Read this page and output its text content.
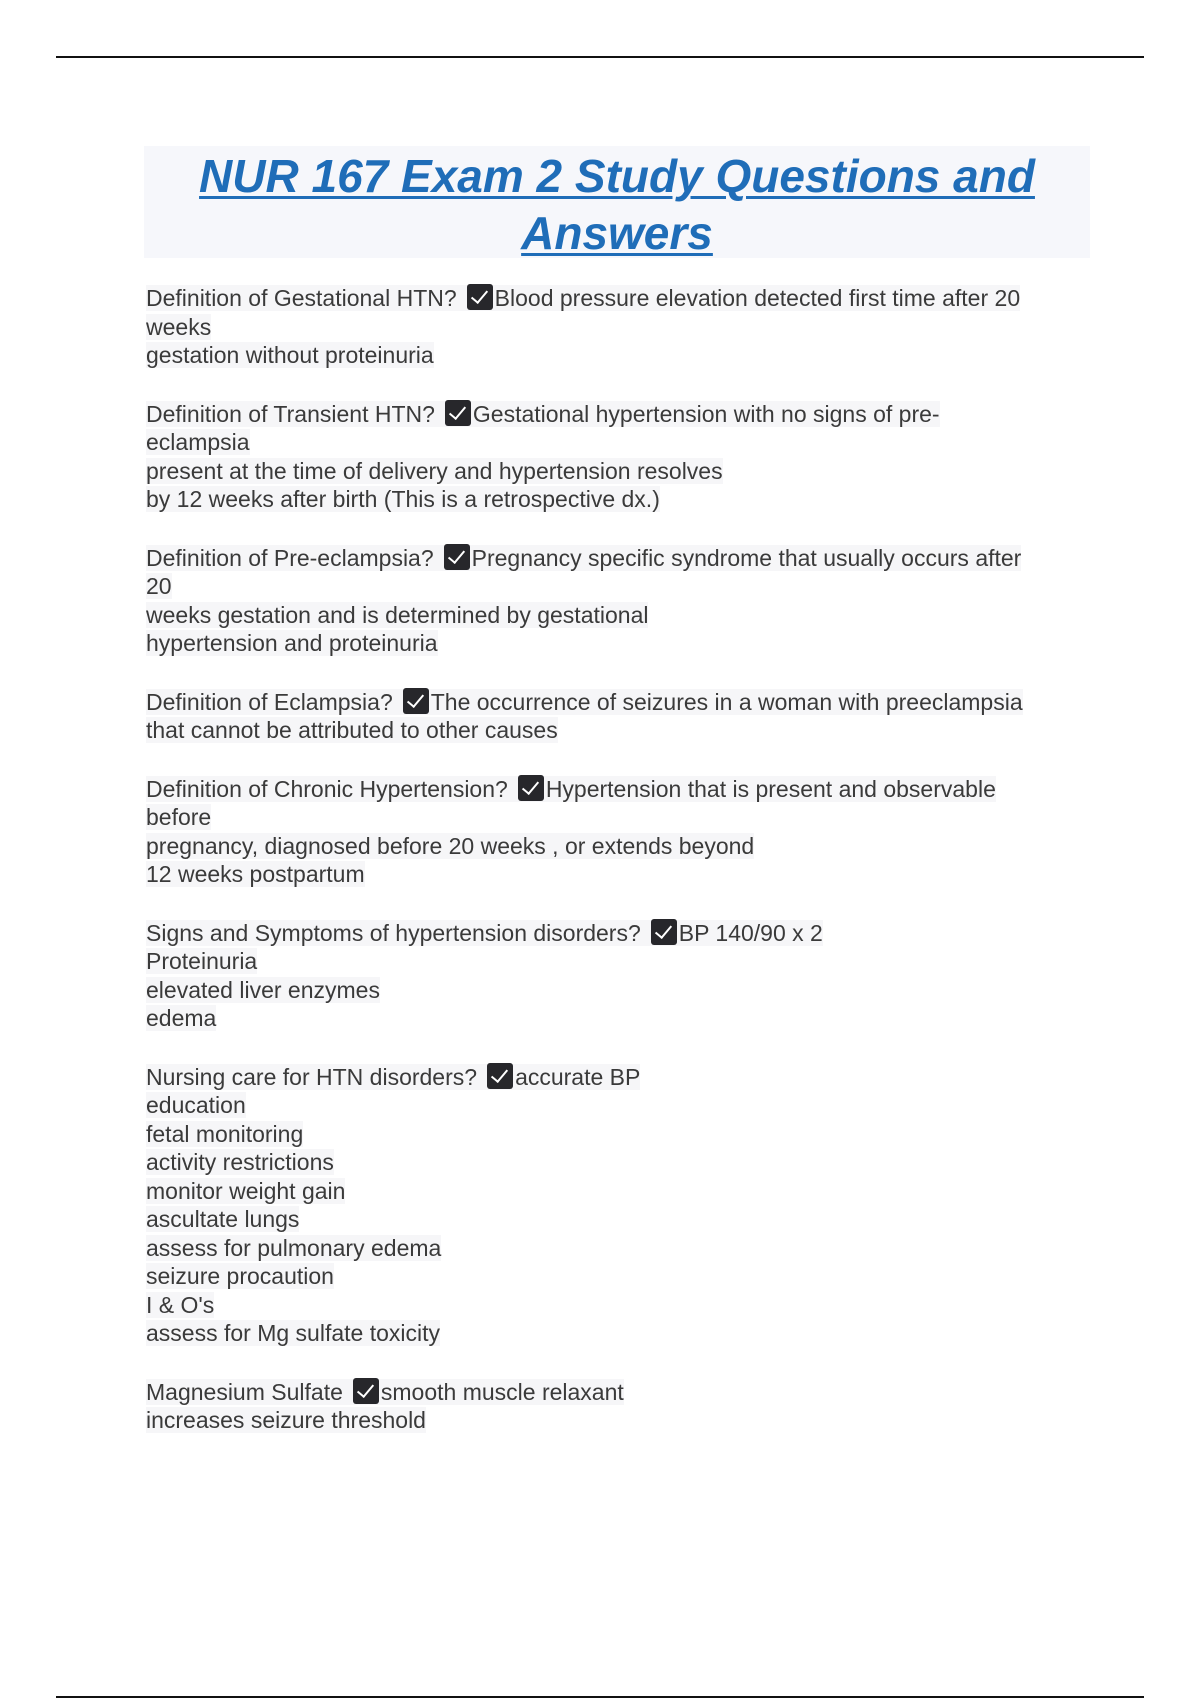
NUR 167 Exam 2 Study Questions and Answers
Definition of Gestational HTN? Blood pressure elevation detected first time after 20
weeks
gestation without proteinuria
Definition of Transient HTN? Gestational hypertension with no signs of pre-
eclampsia
present at the time of delivery and hypertension resolves
by 12 weeks after birth (This is a retrospective dx.)
Definition of Pre-eclampsia? Pregnancy specific syndrome that usually occurs after
20
weeks gestation and is determined by gestational
hypertension and proteinuria
Definition of Eclampsia? The occurrence of seizures in a woman with preeclampsia
that cannot be attributed to other causes
Definition of Chronic Hypertension? Hypertension that is present and observable
before
pregnancy, diagnosed before 20 weeks , or extends beyond
12 weeks postpartum
Signs and Symptoms of hypertension disorders? BP 140/90 x 2
Proteinuria
elevated liver enzymes
edema
Nursing care for HTN disorders? accurate BP
education
fetal monitoring
activity restrictions
monitor weight gain
ascultate lungs
assess for pulmonary edema
seizure procaution
I & O's
assess for Mg sulfate toxicity
Magnesium Sulfate smooth muscle relaxant
increases seizure threshold
